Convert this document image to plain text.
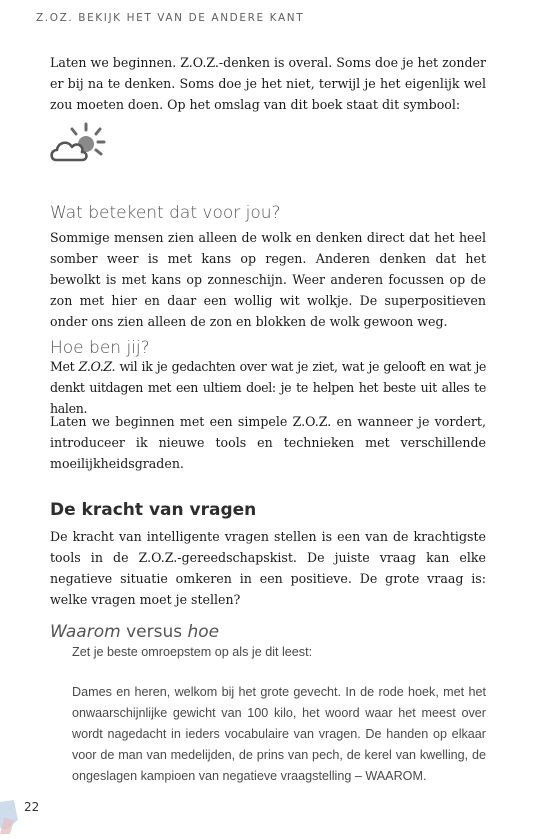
Z.OZ. BEKIJK HET VAN DE ANDERE KANT

Laten we beginnen. Z.O.Z.-denken is overal. Soms doe je het zonder er bij na te denken. Soms doe je het niet, terwijl je het eigenlijk wel zou moeten doen. Op het omslag van dit boek staat dit symbool:

Wat betekent dat voor jou?

Sommige mensen zien alleen de wolk en denken direct dat het heel somber weer is met kans op regen. Anderen denken dat het bewolkt is met kans op zonneschijn. Weer anderen focussen op de zon met hier en daar een wollig wit wolkje. De superpositieven onder ons zien alleen de zon en blokken de wolk gewoon weg.

Hoe ben jij?

Met Z.O.Z. wil ik je gedachten over wat je ziet, wat je gelooft en wat je denkt uitdagen met een ultiem doel: je te helpen het beste uit alles te halen.

Laten we beginnen met een simpele Z.O.Z. en wanneer je vordert, introduceer ik nieuwe tools en technieken met verschillende moeilijkheidsgraden.

De kracht van vragen

De kracht van intelligente vragen stellen is een van de krachtigste tools in de Z.O.Z.-gereedschapskist. De juiste vraag kan elke negatieve situatie omkeren in een positieve. De grote vraag is: welke vragen moet je stellen?

Waarom versus hoe

Zet je beste omroepstem op als je dit leest:

Dames en heren, welkom bij het grote gevecht. In de rode hoek, met het onwaarschijnlijke gewicht van 100 kilo, het woord waar het meest over wordt nagedacht in ieders vocabulaire van vragen. De handen op elkaar voor de man van medelijden, de prins van pech, de kerel van kwelling, de ongeslagen kampioen van negatieve vraagstelling – WAAROM.

22
